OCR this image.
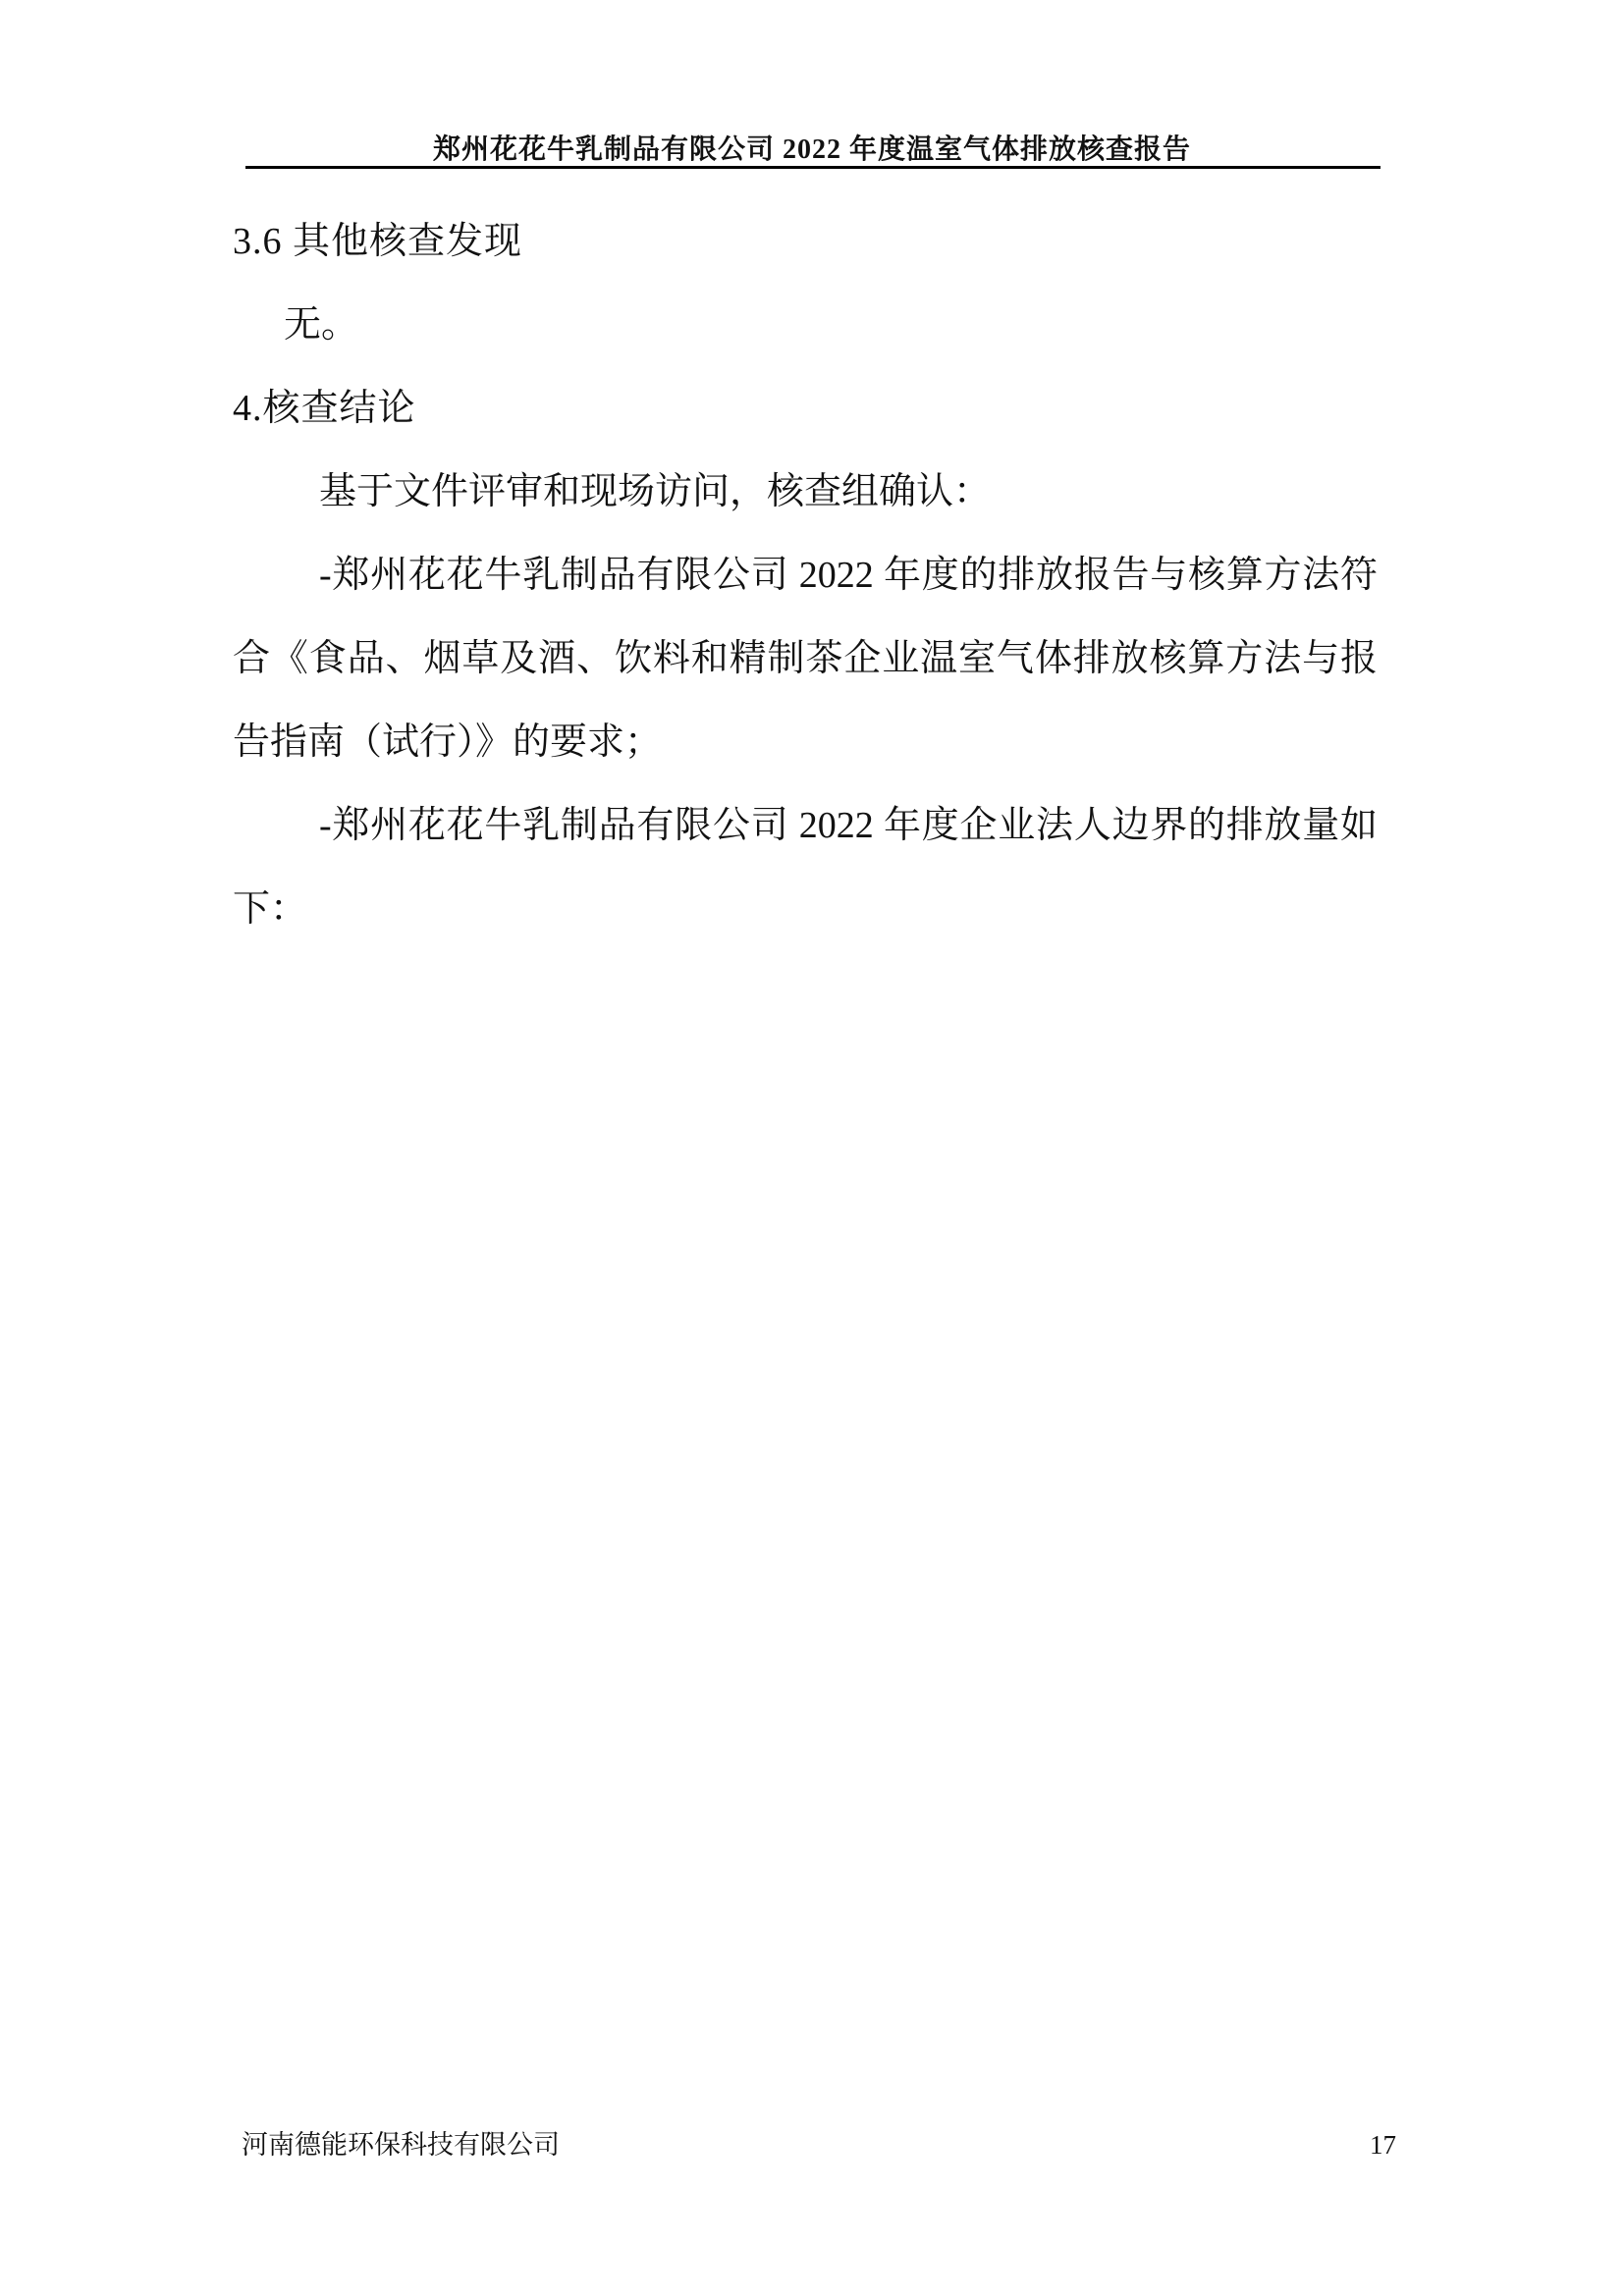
郑州花花牛乳制品有限公司 2022 年度温室气体排放核查报告
3.6 其他核查发现
无。
4.核查结论
基于文件评审和现场访问，核查组确认：
-郑州花花牛乳制品有限公司 2022 年度的排放报告与核算方法符
合《食品、烟草及酒、饮料和精制茶企业温室气体排放核算方法与报
告指南（试行）》的要求；
-郑州花花牛乳制品有限公司 2022 年度企业法人边界的排放量如
下：
河南德能环保科技有限公司	17
